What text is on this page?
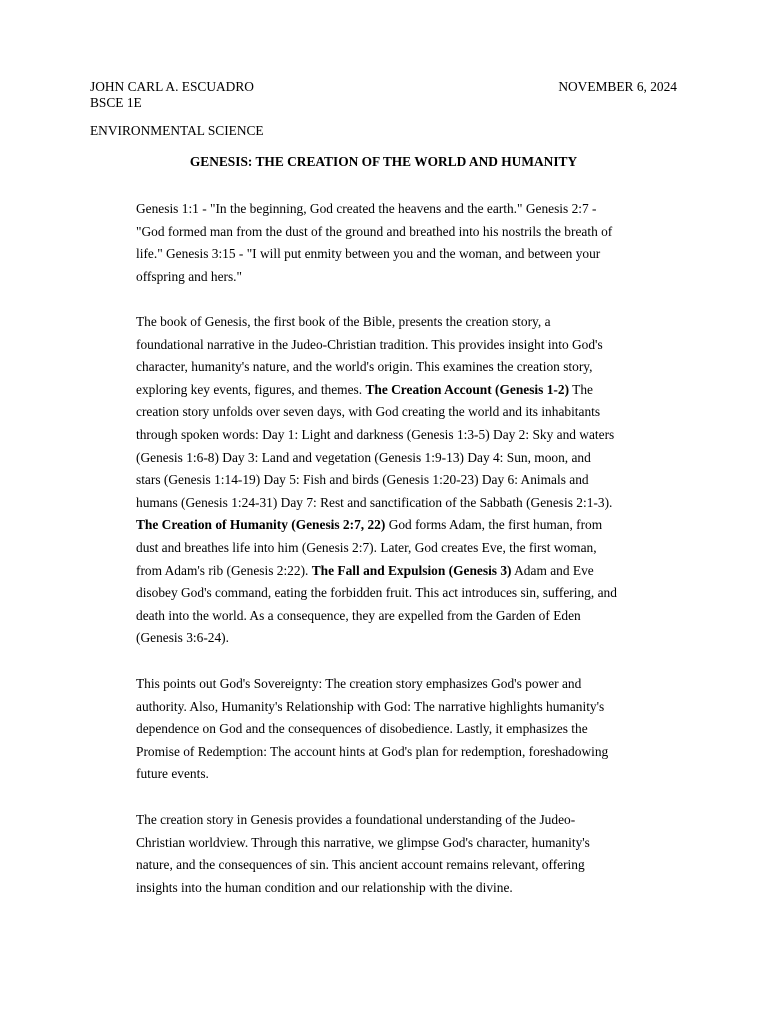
JOHN CARL A. ESCUADRO	NOVEMBER 6, 2024
BSCE 1E
ENVIRONMENTAL SCIENCE
GENESIS: THE CREATION OF THE WORLD AND HUMANITY

Genesis 1:1 - "In the beginning, God created the heavens and the earth." Genesis 2:7 -
"God formed man from the dust of the ground and breathed into his nostrils the breath of
life." Genesis 3:15 - "I will put enmity between you and the woman, and between your
offspring and hers."

The book of Genesis, the first book of the Bible, presents the creation story, a
foundational narrative in the Judeo-Christian tradition. This provides insight into God's
character, humanity's nature, and the world's origin. This examines the creation story,
exploring key events, figures, and themes. The Creation Account (Genesis 1-2) The
creation story unfolds over seven days, with God creating the world and its inhabitants
through spoken words: Day 1: Light and darkness (Genesis 1:3-5) Day 2: Sky and waters
(Genesis 1:6-8) Day 3: Land and vegetation (Genesis 1:9-13) Day 4: Sun, moon, and
stars (Genesis 1:14-19) Day 5: Fish and birds (Genesis 1:20-23) Day 6: Animals and
humans (Genesis 1:24-31) Day 7: Rest and sanctification of the Sabbath (Genesis 2:1-3).
The Creation of Humanity (Genesis 2:7, 22) God forms Adam, the first human, from
dust and breathes life into him (Genesis 2:7). Later, God creates Eve, the first woman,
from Adam's rib (Genesis 2:22). The Fall and Expulsion (Genesis 3) Adam and Eve
disobey God's command, eating the forbidden fruit. This act introduces sin, suffering, and
death into the world. As a consequence, they are expelled from the Garden of Eden
(Genesis 3:6-24).

This points out God's Sovereignty: The creation story emphasizes God's power and
authority. Also, Humanity's Relationship with God: The narrative highlights humanity's
dependence on God and the consequences of disobedience. Lastly, it emphasizes the
Promise of Redemption: The account hints at God's plan for redemption, foreshadowing
future events.

The creation story in Genesis provides a foundational understanding of the Judeo-
Christian worldview. Through this narrative, we glimpse God's character, humanity's
nature, and the consequences of sin. This ancient account remains relevant, offering
insights into the human condition and our relationship with the divine.
